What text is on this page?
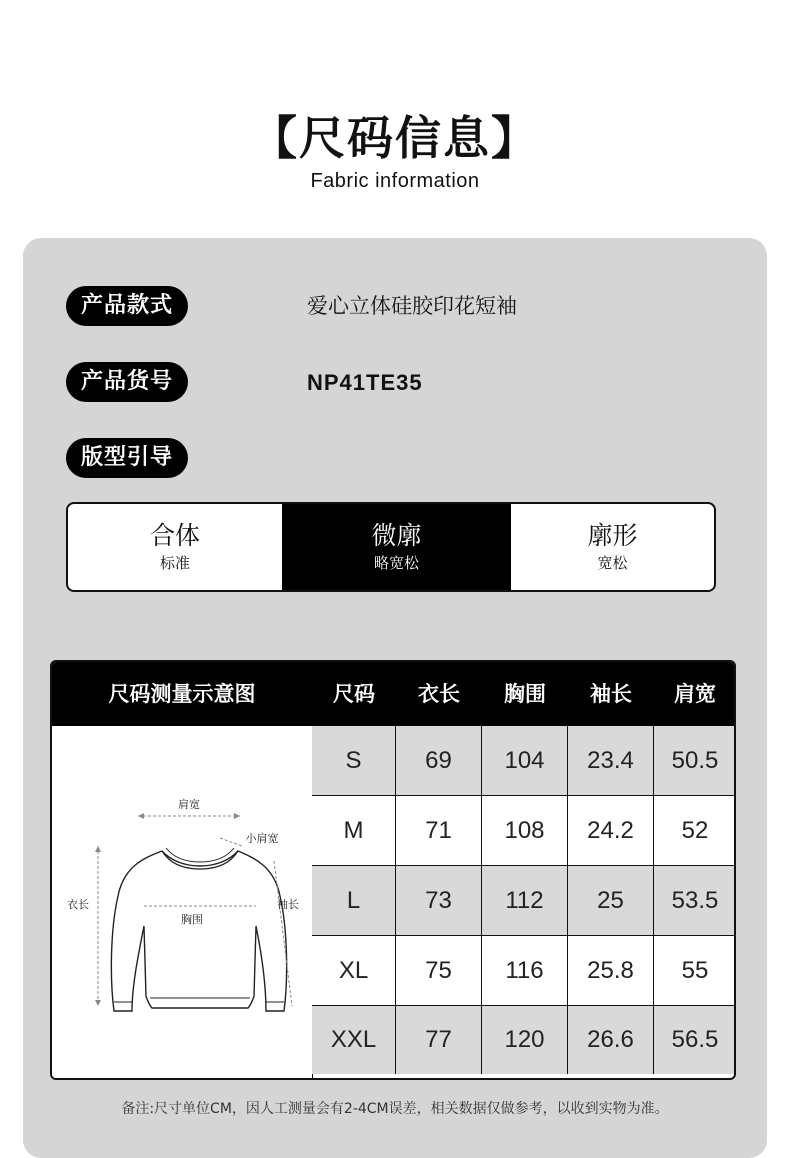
【尺码信息】
Fabric information
产品款式	爱心立体硅胶印花短袖
产品货号	NP41TE35
版型引导
合体
标准
微廓
略宽松
廓形
宽松
尺码测量示意图	尺码	衣长	胸围	袖长	肩宽
肩宽
小肩宽
胸围
衣长	袖长
S	69	104	23.4	50.5
M	71	108	24.2	52
L	73	112	25	53.5
XL	75	116	25.8	55
XXL	77	120	26.6	56.5
备注:尺寸单位CM，因人工测量会有2-4CM误差，相关数据仅做参考，以收到实物为准。
